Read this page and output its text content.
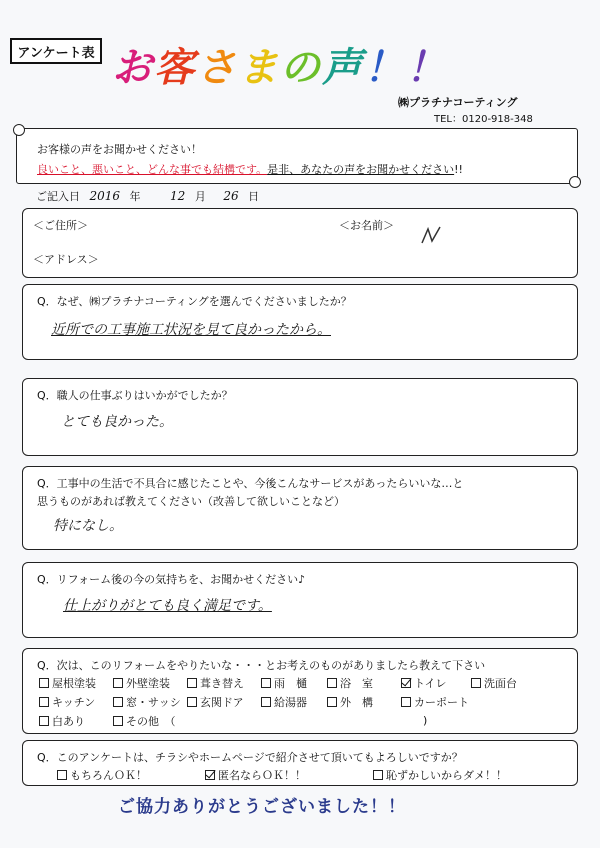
アンケート表 お客さまの声！！
㈱プラチナコーティング
TEL：0120-918-348
お客様の声をお聞かせください！
良いこと、悪いこと、どんな事でも結構です。是非、あなたの声をお聞かせください!!
ご記入日 2016 年 12 月 26 日
＜ご住所＞	＜お名前＞
＜アドレス＞
Q．なぜ、㈱プラチナコーティングを選んでくださいましたか？
近所での工事施工状況を見て良かったから。
Q．職人の仕事ぶりはいかがでしたか？
とても良かった。
Q．工事中の生活で不具合に感じたことや、今後こんなサービスがあったらいいな…と
思うものがあれば教えてください（改善して欲しいことなど）
特になし。
Q．リフォーム後の今の気持ちを、お聞かせください♪
仕上がりがとても良く満足です。
Q．次は、このリフォームをやりたいな・・・とお考えのものがありましたら教えて下さい
屋根塗装	外壁塗装	葺き替え	雨　樋	浴　室	トイレ	洗面台
キッチン	窓・サッシ 玄関ドア	給湯器	外　構	カーポート
白あり	その他　（	)
Q．このアンケートは、チラシやホームページで紹介させて頂いてもよろしいですか？
もちろんＯＫ！	匿名ならＯＫ！！	恥ずかしいからダメ！！
ご協力ありがとうございました！！
